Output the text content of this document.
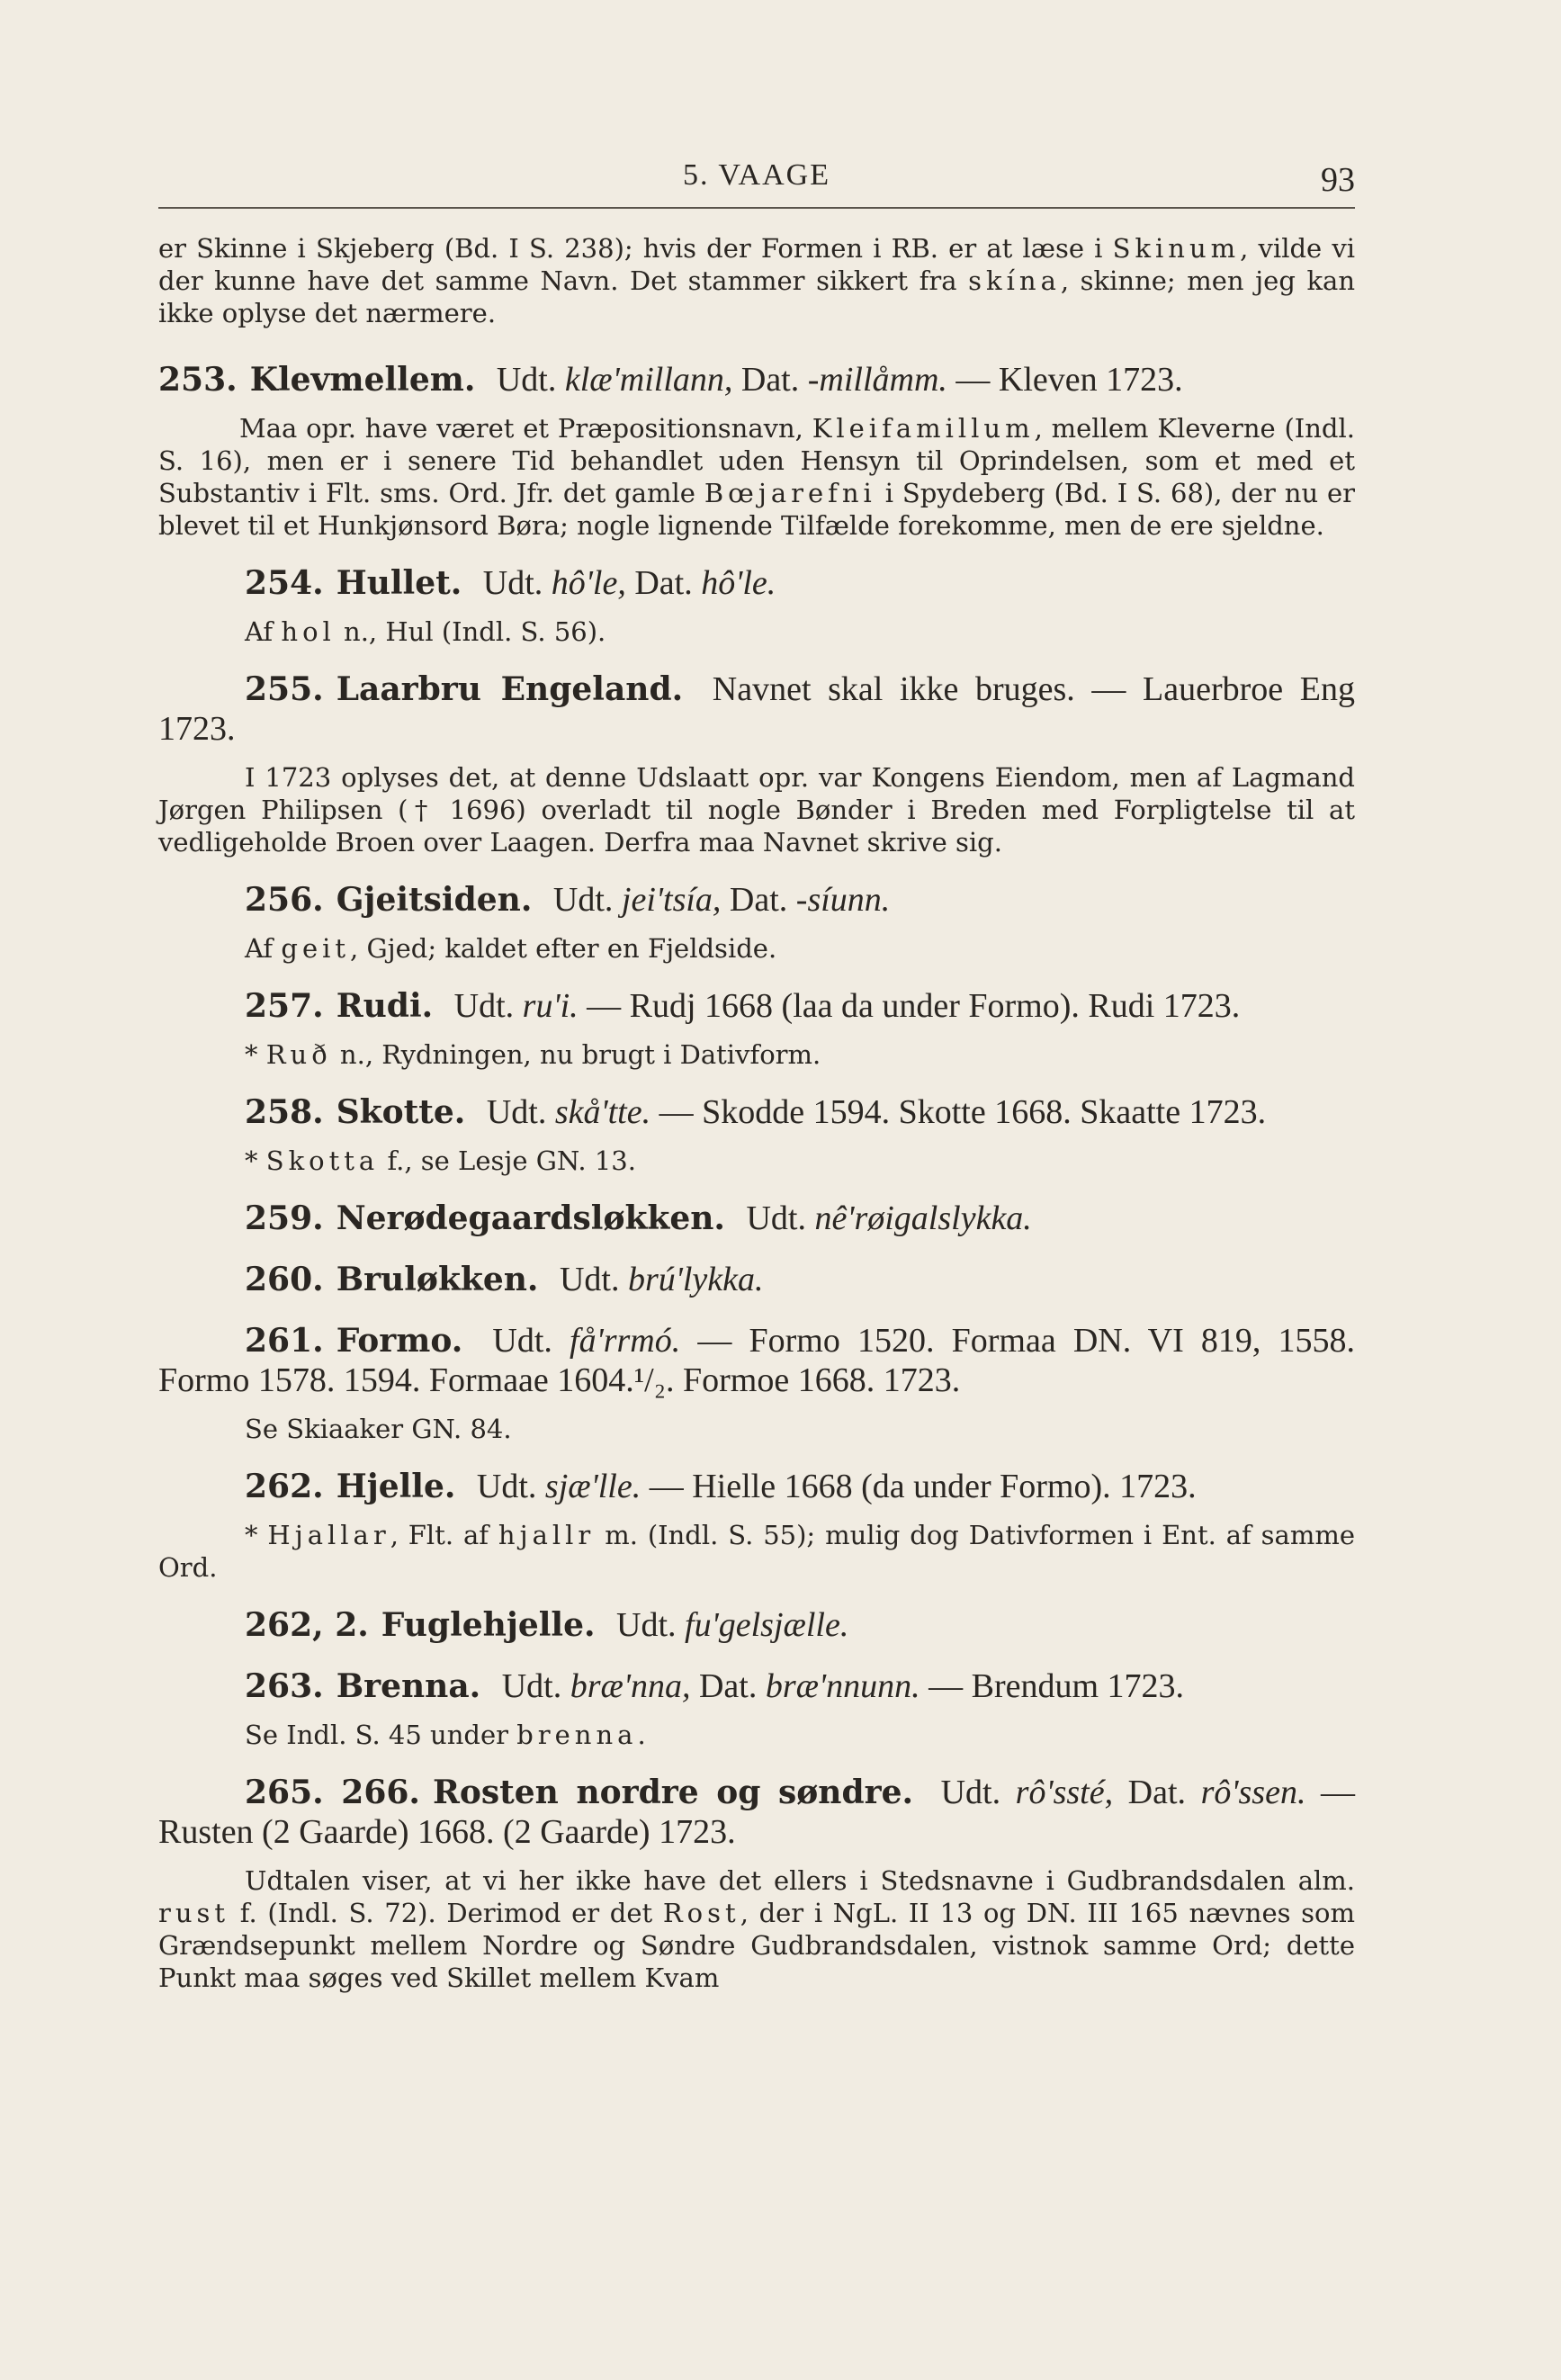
5. VAAGE	93

er Skinne i Skjeberg (Bd. I S. 238); hvis der Formen i RB. er at læse i Skinum, vilde vi der kunne have det samme Navn. Det stammer sikkert fra skína, skinne; men jeg kan ikke oplyse det nærmere.

253. Klevmellem. Udt. klæ'millann, Dat. -millåmm. — Kleven 1723.

Maa opr. have været et Præpositionsnavn, Kleifamillum, mellem Kleverne (Indl. S. 16), men er i senere Tid behandlet uden Hensyn til Oprindelsen, som et med et Substantiv i Flt. sms. Ord. Jfr. det gamle Bœjarefni i Spydeberg (Bd. I S. 68), der nu er blevet til et Hunkjønsord Børa; nogle lignende Tilfælde forekomme, men de ere sjeldne.

254. Hullet. Udt. hô'le, Dat. hô'le.

Af hol n., Hul (Indl. S. 56).

255. Laarbru Engeland. Navnet skal ikke bruges. — Lauerbroe Eng 1723.

I 1723 oplyses det, at denne Udslaatt opr. var Kongens Eiendom, men af Lagmand Jørgen Philipsen († 1696) overladt til nogle Bønder i Breden med Forpligtelse til at vedligeholde Broen over Laagen. Derfra maa Navnet skrive sig.

256. Gjeitsiden. Udt. jei'tsía, Dat. -síunn.

Af geit, Gjed; kaldet efter en Fjeldside.

257. Rudi. Udt. ru'i. — Rudj 1668 (laa da under Formo). Rudi 1723.

* Ruð n., Rydningen, nu brugt i Dativform.

258. Skotte. Udt. skå'tte. — Skodde 1594. Skotte 1668. Skaatte 1723.

* Skotta f., se Lesje GN. 13.

259. Nerødegaardsløkken. Udt. nê'røigalslykka.

260. Bruløkken. Udt. brú'lykka.

261. Formo. Udt. få'rrmó. — Formo 1520. Formaa DN. VI 819, 1558. Formo 1578. 1594. Formaae 1604.¹/₂. Formoe 1668. 1723.

Se Skiaaker GN. 84.

262. Hjelle. Udt. sjæ'lle. — Hielle 1668 (da under Formo). 1723.

* Hjallar, Flt. af hjallr m. (Indl. S. 55); mulig dog Dativformen i Ent. af samme Ord.

262, 2. Fuglehjelle. Udt. fu'gelsjælle.

263. Brenna. Udt. bræ'nna, Dat. bræ'nnunn. — Brendum 1723.

Se Indl. S. 45 under brenna.

265. 266. Rosten nordre og søndre. Udt. rô'ssté, Dat. rô'ssen. — Rusten (2 Gaarde) 1668. (2 Gaarde) 1723.

Udtalen viser, at vi her ikke have det ellers i Stedsnavne i Gudbrandsdalen alm. rust f. (Indl. S. 72). Derimod er det Rost, der i NgL. II 13 og DN. III 165 nævnes som Grændsepunkt mellem Nordre og Søndre Gudbrandsdalen, vistnok samme Ord; dette Punkt maa søges ved Skillet mellem Kvam
